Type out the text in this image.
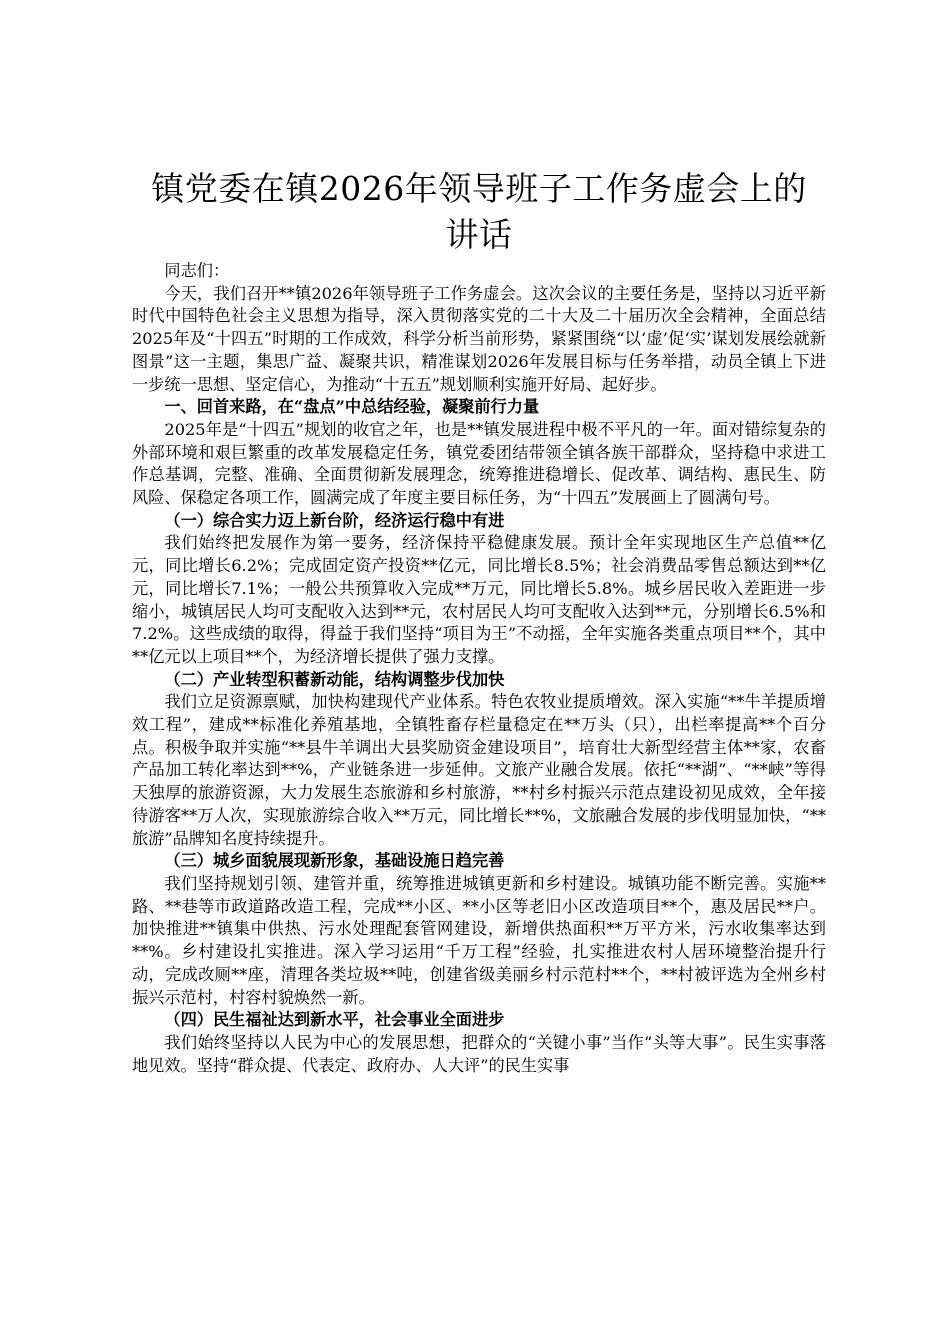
镇党委在镇2026年领导班子工作务虚会上的
讲话

同志们：

今天，我们召开**镇2026年领导班子工作务虚会。这次会议的主要任务是，坚持以习近平新时代中国特色社会主义思想为指导，深入贯彻落实党的二十大及二十届历次全会精神，全面总结2025年及“十四五”时期的工作成效，科学分析当前形势，紧紧围绕“以‘虚’促‘实’谋划发展绘就新图景”这一主题，集思广益、凝聚共识，精准谋划2026年发展目标与任务举措，动员全镇上下进一步统一思想、坚定信心，为推动“十五五”规划顺利实施开好局、起好步。

一、回首来路，在“盘点”中总结经验，凝聚前行力量

2025年是“十四五”规划的收官之年，也是**镇发展进程中极不平凡的一年。面对错综复杂的外部环境和艰巨繁重的改革发展稳定任务，镇党委团结带领全镇各族干部群众，坚持稳中求进工作总基调，完整、准确、全面贯彻新发展理念，统筹推进稳增长、促改革、调结构、惠民生、防风险、保稳定各项工作，圆满完成了年度主要目标任务，为“十四五”发展画上了圆满句号。

（一）综合实力迈上新台阶，经济运行稳中有进

我们始终把发展作为第一要务，经济保持平稳健康发展。预计全年实现地区生产总值**亿元，同比增长6.2%；完成固定资产投资**亿元，同比增长8.5%；社会消费品零售总额达到**亿元，同比增长7.1%；一般公共预算收入完成**万元，同比增长5.8%。城乡居民收入差距进一步缩小，城镇居民人均可支配收入达到**元，农村居民人均可支配收入达到**元，分别增长6.5%和7.2%。这些成绩的取得，得益于我们坚持“项目为王”不动摇，全年实施各类重点项目**个，其中**亿元以上项目**个，为经济增长提供了强力支撑。

（二）产业转型积蓄新动能，结构调整步伐加快

我们立足资源禀赋，加快构建现代产业体系。特色农牧业提质增效。深入实施“**牛羊提质增效工程”，建成**标准化养殖基地，全镇牲畜存栏量稳定在**万头（只），出栏率提高**个百分点。积极争取并实施“**县牛羊调出大县奖励资金建设项目”，培育壮大新型经营主体**家，农畜产品加工转化率达到**%，产业链条进一步延伸。文旅产业融合发展。依托“**湖”、“**峡”等得天独厚的旅游资源，大力发展生态旅游和乡村旅游，**村乡村振兴示范点建设初见成效，全年接待游客**万人次，实现旅游综合收入**万元，同比增长**%，文旅融合发展的步伐明显加快，“**旅游”品牌知名度持续提升。

（三）城乡面貌展现新形象，基础设施日趋完善

我们坚持规划引领、建管并重，统筹推进城镇更新和乡村建设。城镇功能不断完善。实施**路、**巷等市政道路改造工程，完成**小区、**小区等老旧小区改造项目**个，惠及居民**户。加快推进**镇集中供热、污水处理配套管网建设，新增供热面积**万平方米，污水收集率达到**%。乡村建设扎实推进。深入学习运用“千万工程”经验，扎实推进农村人居环境整治提升行动，完成改厕**座，清理各类垃圾**吨，创建省级美丽乡村示范村**个，**村被评选为全州乡村振兴示范村，村容村貌焕然一新。

（四）民生福祉达到新水平，社会事业全面进步

我们始终坚持以人民为中心的发展思想，把群众的“关键小事”当作“头等大事”。民生实事落地见效。坚持“群众提、代表定、政府办、人大评”的民生实事
